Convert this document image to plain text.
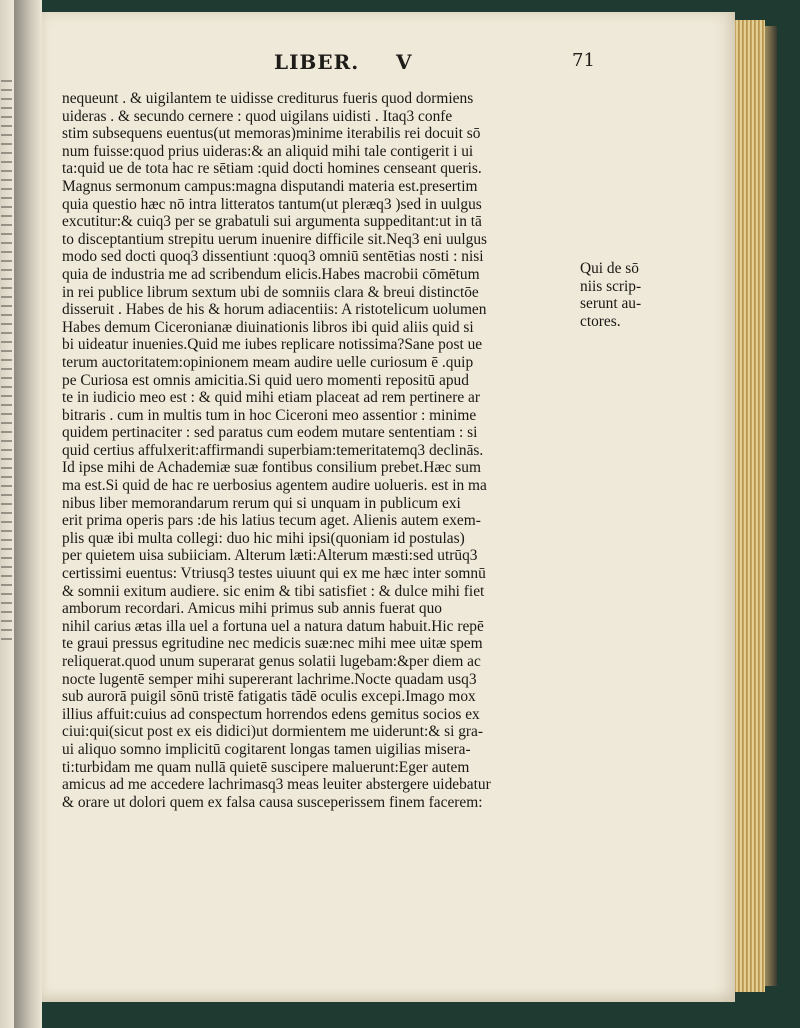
LIBER. V	71
nequeunt . & uigilantem te uidisse crediturus fueris quod dormiens
uideras . & secundo cernere : quod uigilans uidisti . Itaq3 confe
stim subsequens euentus(ut memoras)minime iterabilis rei docuit sō
num fuisse:quod prius uideras:& an aliquid mihi tale contigerit i ui
ta:quid ue de tota hac re sētiam :quid docti homines censeant queris.
Magnus sermonum campus:magna disputandi materia est.presertim
quia questio hæc nō intra litteratos tantum(ut pleræq3 )sed in uulgus
excutitur:& cuiq3 per se grabatuli sui argumenta suppeditant:ut in tā
to disceptantium strepitu uerum inuenire difficile sit.Neq3 eni uulgus
modo sed docti quoq3 dissentiunt :quoq3 omniū sentētias nosti : nisi
quia de industria me ad scribendum elicis.Habes macrobii cōmētum
in rei publice librum sextum ubi de somniis clara & breui distinctōe
disseruit . Habes de his & horum adiacentiis: A ristotelicum uolumen
Habes demum Ciceronianæ diuinationis libros ibi quid aliis quid si
bi uideatur inuenies.Quid me iubes replicare notissima?Sane post ue
terum auctoritatem:opinionem meam audire uelle curiosum ē .quip
pe Curiosa est omnis amicitia.Si quid uero momenti repositū apud
te in iudicio meo est : & quid mihi etiam placeat ad rem pertinere ar
bitraris . cum in multis tum in hoc Ciceroni meo assentior : minime
quidem pertinaciter : sed paratus cum eodem mutare sententiam : si
quid certius affulxerit:affirmandi superbiam:temeritatemq3 declinās.
Id ipse mihi de Achademiæ suæ fontibus consilium prebet.Hæc sum
ma est.Si quid de hac re uerbosius agentem audire uolueris. est in ma
nibus liber memorandarum rerum qui si unquam in publicum exi
erit prima operis pars :de his latius tecum aget. Alienis autem exem-
plis quæ ibi multa collegi: duo hic mihi ipsi(quoniam id postulas)
per quietem uisa subiiciam. Alterum læti:Alterum mæsti:sed utrūq3
certissimi euentus: Vtriusq3 testes uiuunt qui ex me hæc inter somnū
& somnii exitum audiere. sic enim & tibi satisfiet : & dulce mihi fiet
amborum recordari. Amicus mihi primus sub annis fuerat quo
nihil carius ætas illa uel a fortuna uel a natura datum habuit.Hic repē
te graui pressus egritudine nec medicis suæ:nec mihi mee uitæ spem
reliquerat.quod unum superarat genus solatii lugebam:&per diem ac
nocte lugentē semper mihi supererant lachrime.Nocte quadam usq3
sub aurorā puigil sōnū tristē fatigatis tādē oculis excepi.Imago mox
illius affuit:cuius ad conspectum horrendos edens gemitus socios ex
ciui:qui(sicut post ex eis didici)ut dormientem me uiderunt:& si gra-
ui aliquo somno implicitū cogitarent longas tamen uigilias misera-
ti:turbidam me quam nullā quietē suscipere maluerunt:Eger autem
amicus ad me accedere lachrimasq3 meas leuiter abstergere uidebatur
& orare ut dolori quem ex falsa causa susceperissem finem facerem:
Qui de sō
niis scrip-
serunt au-
ctores.
